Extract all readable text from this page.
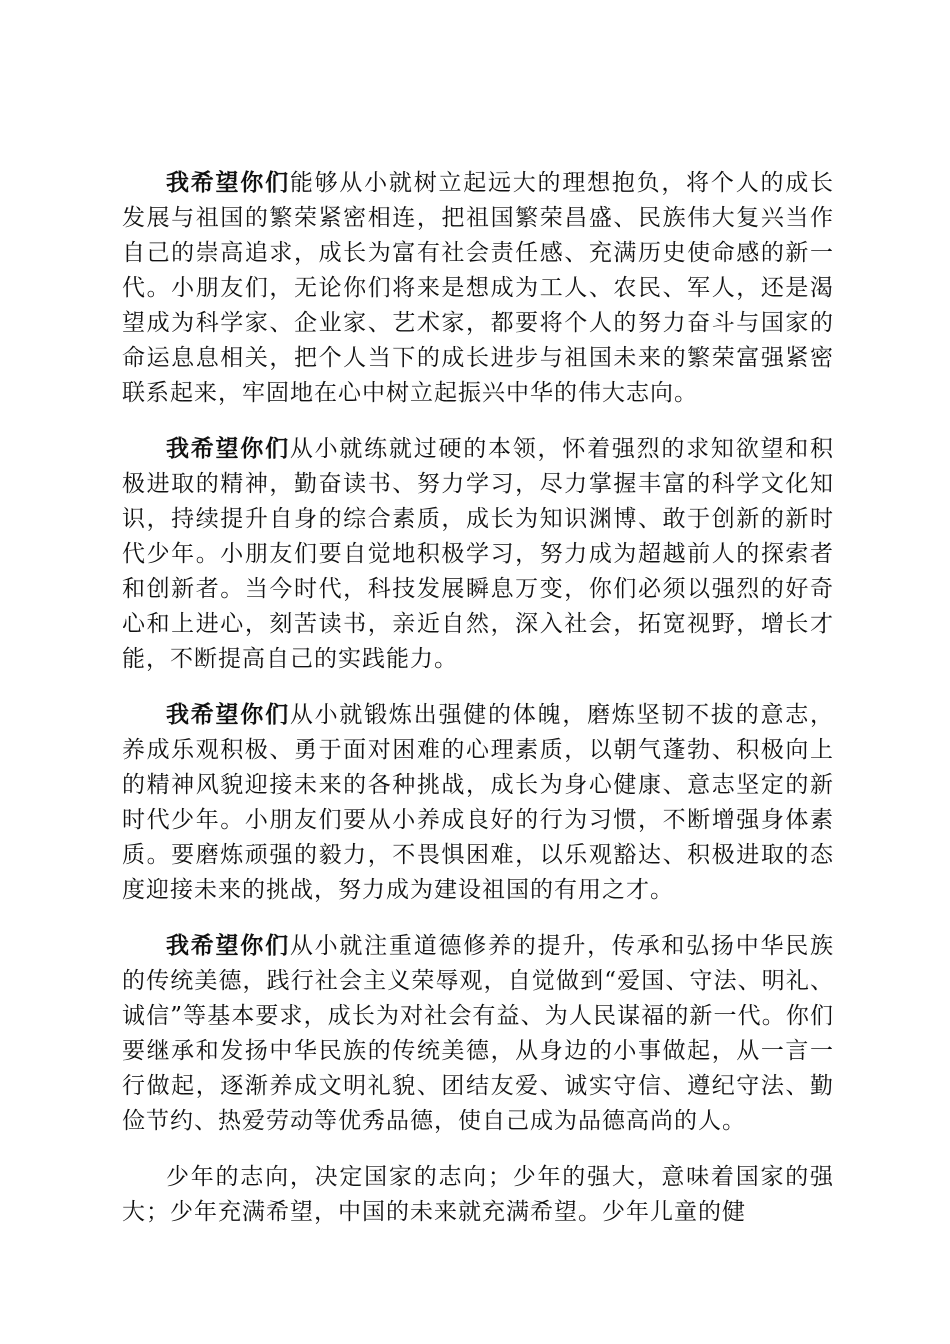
我希望你们能够从小就树立起远大的理想抱负，将个人的成长发展与祖国的繁荣紧密相连，把祖国繁荣昌盛、民族伟大复兴当作自己的崇高追求，成长为富有社会责任感、充满历史使命感的新一代。小朋友们，无论你们将来是想成为工人、农民、军人，还是渴望成为科学家、企业家、艺术家，都要将个人的努力奋斗与国家的命运息息相关，把个人当下的成长进步与祖国未来的繁荣富强紧密联系起来，牢固地在心中树立起振兴中华的伟大志向。

我希望你们从小就练就过硬的本领，怀着强烈的求知欲望和积极进取的精神，勤奋读书、努力学习，尽力掌握丰富的科学文化知识，持续提升自身的综合素质，成长为知识渊博、敢于创新的新时代少年。小朋友们要自觉地积极学习，努力成为超越前人的探索者和创新者。当今时代，科技发展瞬息万变，你们必须以强烈的好奇心和上进心，刻苦读书，亲近自然，深入社会，拓宽视野，增长才能，不断提高自己的实践能力。

我希望你们从小就锻炼出强健的体魄，磨炼坚韧不拔的意志，养成乐观积极、勇于面对困难的心理素质，以朝气蓬勃、积极向上的精神风貌迎接未来的各种挑战，成长为身心健康、意志坚定的新时代少年。小朋友们要从小养成良好的行为习惯，不断增强身体素质。要磨炼顽强的毅力，不畏惧困难，以乐观豁达、积极进取的态度迎接未来的挑战，努力成为建设祖国的有用之才。

我希望你们从小就注重道德修养的提升，传承和弘扬中华民族的传统美德，践行社会主义荣辱观，自觉做到“爱国、守法、明礼、诚信”等基本要求，成长为对社会有益、为人民谋福的新一代。你们要继承和发扬中华民族的传统美德，从身边的小事做起，从一言一行做起，逐渐养成文明礼貌、团结友爱、诚实守信、遵纪守法、勤俭节约、热爱劳动等优秀品德，使自己成为品德高尚的人。

少年的志向，决定国家的志向；少年的强大，意味着国家的强大；少年充满希望，中国的未来就充满希望。少年儿童的健
